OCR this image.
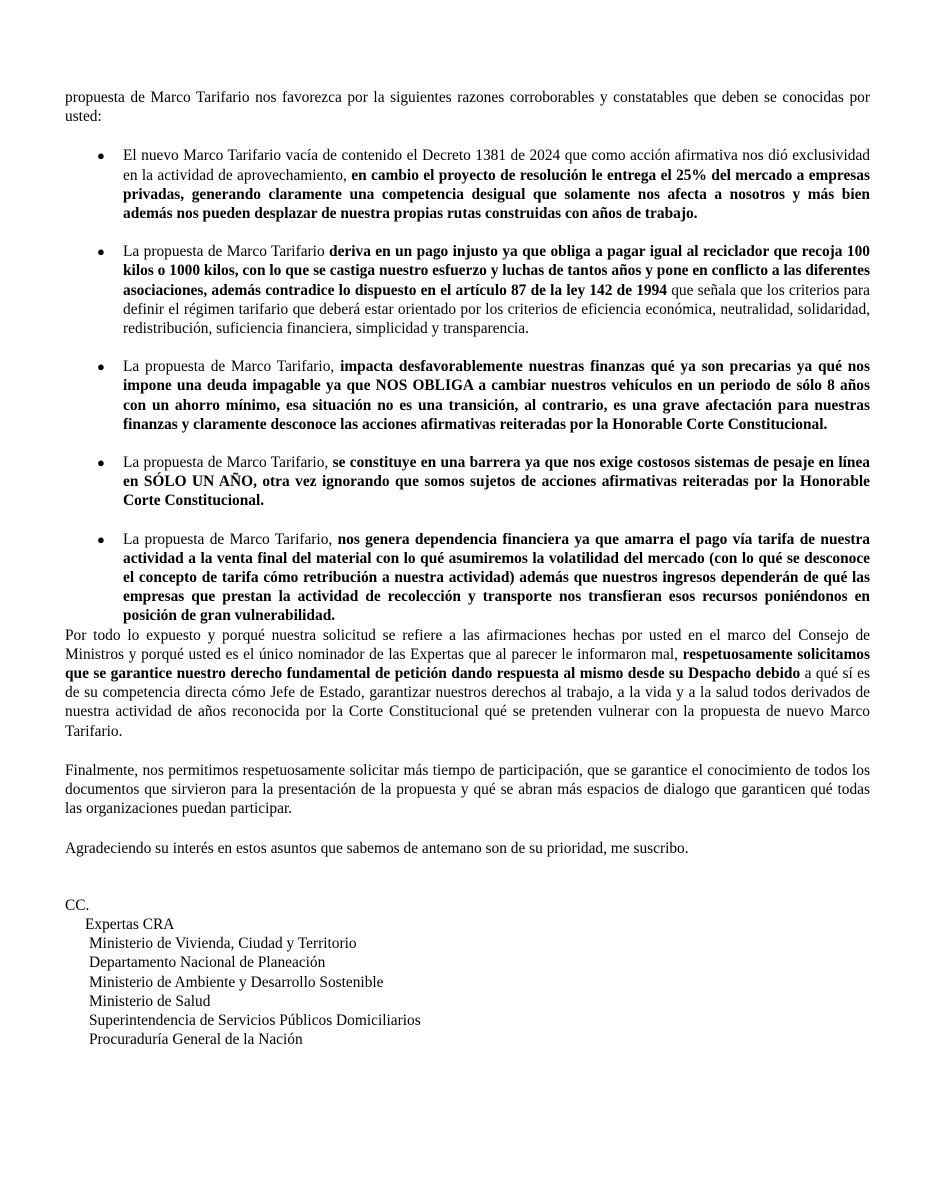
propuesta de Marco Tarifario nos favorezca por la siguientes razones corroborables y constatables que deben se conocidas por usted:

● El nuevo Marco Tarifario vacía de contenido el Decreto 1381 de 2024 que como acción afirmativa nos dió exclusividad en la actividad de aprovechamiento, en cambio el proyecto de resolución le entrega el 25% del mercado a empresas privadas, generando claramente una competencia desigual que solamente nos afecta a nosotros y más bien además nos pueden desplazar de nuestra propias rutas construidas con años de trabajo.
● La propuesta de Marco Tarifario deriva en un pago injusto ya que obliga a pagar igual al reciclador que recoja 100 kilos o 1000 kilos, con lo que se castiga nuestro esfuerzo y luchas de tantos años y pone en conflicto a las diferentes asociaciones, además contradice lo dispuesto en el artículo 87 de la ley 142 de 1994 que señala que los criterios para definir el régimen tarifario que deberá estar orientado por los criterios de eficiencia económica, neutralidad, solidaridad, redistribución, suficiencia financiera, simplicidad y transparencia.
● La propuesta de Marco Tarifario, impacta desfavorablemente nuestras finanzas qué ya son precarias ya qué nos impone una deuda impagable ya que NOS OBLIGA a cambiar nuestros vehículos en un periodo de sólo 8 años con un ahorro mínimo, esa situación no es una transición, al contrario, es una grave afectación para nuestras finanzas y claramente desconoce las acciones afirmativas reiteradas por la Honorable Corte Constitucional.
● La propuesta de Marco Tarifario, se constituye en una barrera ya que nos exige costosos sistemas de pesaje en línea en SÓLO UN AÑO, otra vez ignorando que somos sujetos de acciones afirmativas reiteradas por la Honorable Corte Constitucional.
● La propuesta de Marco Tarifario, nos genera dependencia financiera ya que amarra el pago vía tarifa de nuestra actividad a la venta final del material con lo qué asumiremos la volatilidad del mercado (con lo qué se desconoce el concepto de tarifa cómo retribución a nuestra actividad) además que nuestros ingresos dependerán de qué las empresas que prestan la actividad de recolección y transporte nos transfieran esos recursos poniéndonos en posición de gran vulnerabilidad.

Por todo lo expuesto y porqué nuestra solicitud se refiere a las afirmaciones hechas por usted en el marco del Consejo de Ministros y porqué usted es el único nominador de las Expertas que al parecer le informaron mal, respetuosamente solicitamos que se garantice nuestro derecho fundamental de petición dando respuesta al mismo desde su Despacho debido a qué sí es de su competencia directa cómo Jefe de Estado, garantizar nuestros derechos al trabajo, a la vida y a la salud todos derivados de nuestra actividad de años reconocida por la Corte Constitucional qué se pretenden vulnerar con la propuesta de nuevo Marco Tarifario.

Finalmente, nos permitimos respetuosamente solicitar más tiempo de participación, que se garantice el conocimiento de todos los documentos que sirvieron para la presentación de la propuesta y qué se abran más espacios de dialogo que garanticen qué todas las organizaciones puedan participar.

Agradeciendo su interés en estos asuntos que sabemos de antemano son de su prioridad, me suscribo.

CC.
Expertas CRA
Ministerio de Vivienda, Ciudad y Territorio
Departamento Nacional de Planeación
Ministerio de Ambiente y Desarrollo Sostenible
Ministerio de Salud
Superintendencia de Servicios Públicos Domiciliarios
Procuraduría General de la Nación
